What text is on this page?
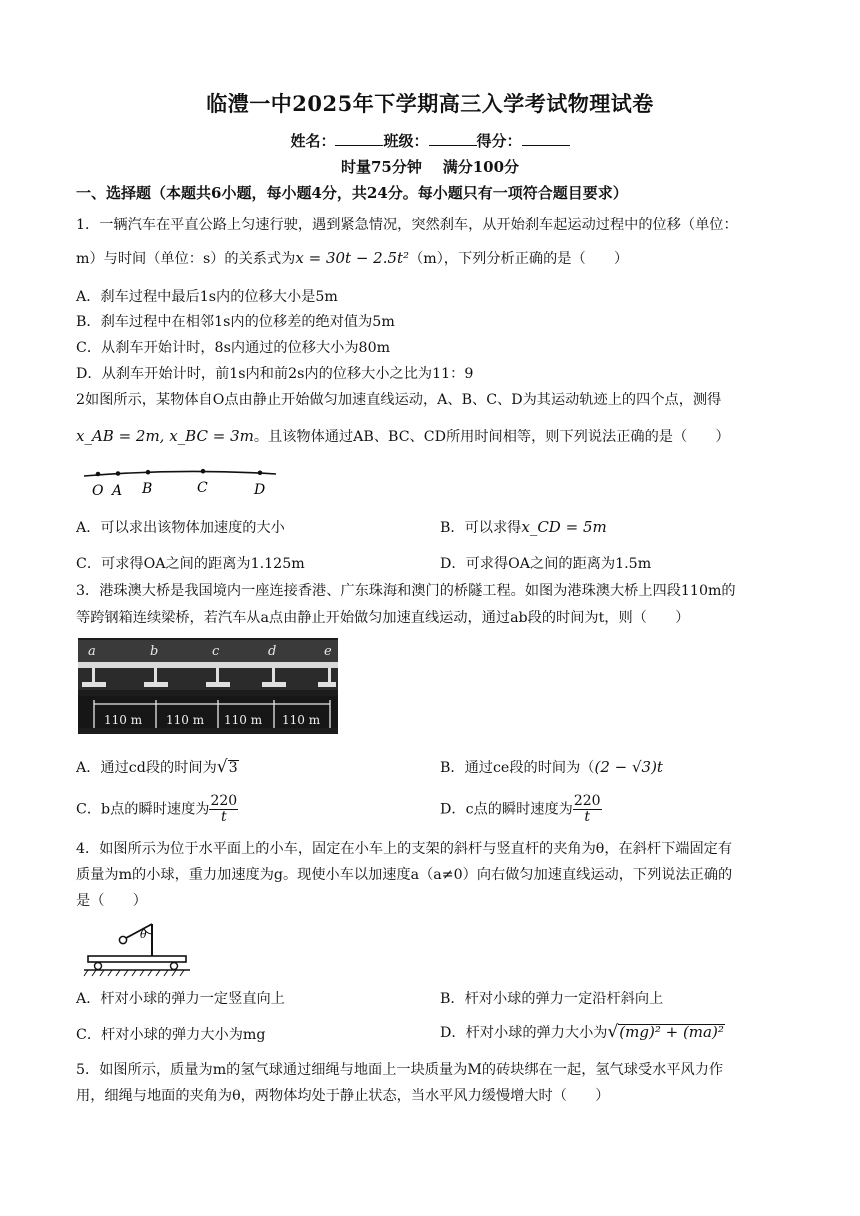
临澧一中2025年下学期高三入学考试物理试卷
姓名：	班级：	得分：
时量75分钟 满分100分
一、选择题（本题共6小题，每小题4分，共24分。每小题只有一项符合题目要求）
1．一辆汽车在平直公路上匀速行驶，遇到紧急情况，突然刹车，从开始刹车起运动过程中的位移（单位：
m）与时间（单位：s）的关系式为x = 30t − 2.5t²（m），下列分析正确的是（　　）
A．刹车过程中最后1s内的位移大小是5m
B．刹车过程中在相邻1s内的位移差的绝对值为5m
C．从刹车开始计时，8s内通过的位移大小为80m
D．从刹车开始计时，前1s内和前2s内的位移大小之比为11：9
2如图所示，某物体自O点由静止开始做匀加速直线运动，A、B、C、D为其运动轨迹上的四个点，测得
x_AB = 2m, x_BC = 3m。且该物体通过AB、BC、CD所用时间相等，则下列说法正确的是（　　）
O A B	C	D
A．可以求出该物体加速度的大小	B．可以求得x_CD = 5m
C．可求得OA之间的距离为1.125m	D．可求得OA之间的距离为1.5m
3．港珠澳大桥是我国境内一座连接香港、广东珠海和澳门的桥隧工程。如图为港珠澳大桥上四段110m的
等跨钢箱连续梁桥，若汽车从a点由静止开始做匀加速直线运动，通过ab段的时间为t，则（　　）
a	b	c	d	e
110 m 110 m 110 m 110 m
A．通过cd段的时间为√3	B．通过ce段的时间为（(2 − √3)t
C．b点的瞬时速度为 $\frac{220}{t}$	D．c点的瞬时速度为 $\frac{220}{t}$
4．如图所示为位于水平面上的小车，固定在小车上的支架的斜杆与竖直杆的夹角为θ，在斜杆下端固定有
质量为m的小球，重力加速度为g。现使小车以加速度a（a≠0）向右做匀加速直线运动，下列说法正确的
是（　　）
θ
A．杆对小球的弹力一定竖直向上	B．杆对小球的弹力一定沿杆斜向上
C．杆对小球的弹力大小为mg	D．杆对小球的弹力大小为√(mg)² + (ma)²
5．如图所示，质量为m的氢气球通过细绳与地面上一块质量为M的砖块绑在一起，氢气球受水平风力作
用，细绳与地面的夹角为θ，两物体均处于静止状态，当水平风力缓慢增大时（　　）
